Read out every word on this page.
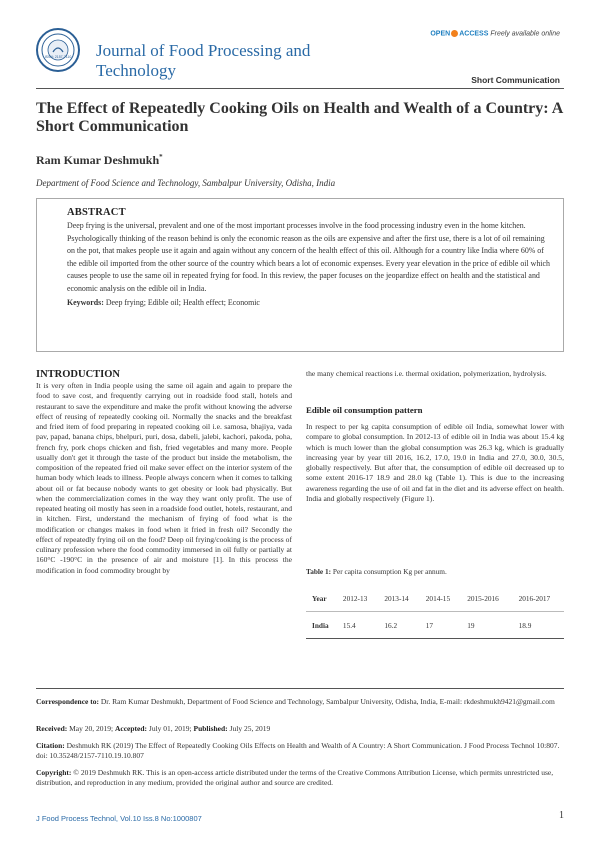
ISSN: 2157-7110 Journal of Food Processing and
Technology
OPEN ACCESS Freely available online
Short Communication
The Effect of Repeatedly Cooking Oils on Health and Wealth of a Country: A Short Communication
Ram Kumar Deshmukh*
Department of Food Science and Technology, Sambalpur University, Odisha, India
ABSTRACT

Deep frying is the universal, prevalent and one of the most important processes involve in the food processing industry even in the home kitchen. Psychologically thinking of the reason behind is only the economic reason as the oils are expensive and after the first use, there is a lot of oil remaining on the pot, that makes people use it again and again without any concern of the health effect of this oil. Although for a country like India where 60% of the edible oil imported from the other source of the country which bears a lot of economic expenses. Every year elevation in the price of edible oil which causes people to use the same oil in repeated frying for food. In this review, the paper focuses on the jeopardize effect on health and the statistical and economic analysis on the edible oil in India.

Keywords: Deep frying; Edible oil; Health effect; Economic

INTRODUCTION

It is very often in India people using the same oil again and again to prepare the food to save cost, and frequently carrying out in roadside food stall, hotels and restaurant to save the expenditure and make the profit without knowing the adverse effect of reusing of repeatedly cooking oil. Normally the snacks and the breakfast and fried item of food preparing in repeated cooking oil i.e. samosa, bhajiya, vada pav, papad, banana chips, bhelpuri, puri, dosa, dabeli, jalebi, kachori, pakoda, poha, french fry, pork chops chicken and fish, fried vegetables and many more. People usually don't get it through the taste of the product but inside the metabolism, the composition of the repeated fried oil make sever effect on the interior system of the human body which leads to illness. People always concern when it comes to talking about oil or fat because nobody wants to get obesity or look bad physically. But when the commercialization comes in the way they want only profit. The use of repeated heating oil mostly has seen in a roadside food outlet, hotels, restaurant, and in kitchen. First, understand the mechanism of frying of food what is the modification or changes makes in food when it fried in fresh oil? Secondly the effect of repeatedly frying oil on the food? Deep oil frying/cooking is the process of culinary profession where the food commodity immersed in oil fully or partially at 160°C -190°C in the presence of air and moisture [1]. In this process the modification in food commodity brought by

the many chemical reactions i.e. thermal oxidation, polymerization, hydrolysis.

Edible oil consumption pattern

In respect to per kg capita consumption of edible oil India, somewhat lower with compare to global consumption. In 2012-13 of edible oil in India was about 15.4 kg which is much lower than the global consumption was 26.3 kg, which is gradually increasing year by year till 2016, 16.2, 17.0, 19.0 in India and 27.0, 30.0, 30.5, globally respectively. But after that, the consumption of edible oil decreased up to some extent 2016-17 18.9 and 28.0 kg (Table 1). This is due to the increasing awareness regarding the use of oil and fat in the diet and its adverse effect on health. India and globally respectively (Figure 1).

Table 1: Per capita consumption Kg per annum.
Year	2012-13	2013-14	2014-15	2015-2016	2016-2017
India	15.4	16.2	17	19	18.9
Correspondence to: Dr. Ram Kumar Deshmukh, Department of Food Science and Technology, Sambalpur University, Odisha, India, E-mail: rkdeshmukh9421@gmail.com
Received: May 20, 2019; Accepted: July 01, 2019; Published: July 25, 2019
Citation: Deshmukh RK (2019) The Effect of Repeatedly Cooking Oils Effects on Health and Wealth of A Country: A Short Communication. J Food Process Technol 10:807. doi: 10.35248/2157-7110.19.10.807
Copyright: © 2019 Deshmukh RK. This is an open-access article distributed under the terms of the Creative Commons Attribution License, which permits unrestricted use, distribution, and reproduction in any medium, provided the original author and source are credited.
J Food Process Technol, Vol.10 Iss.8 No:1000807	1
